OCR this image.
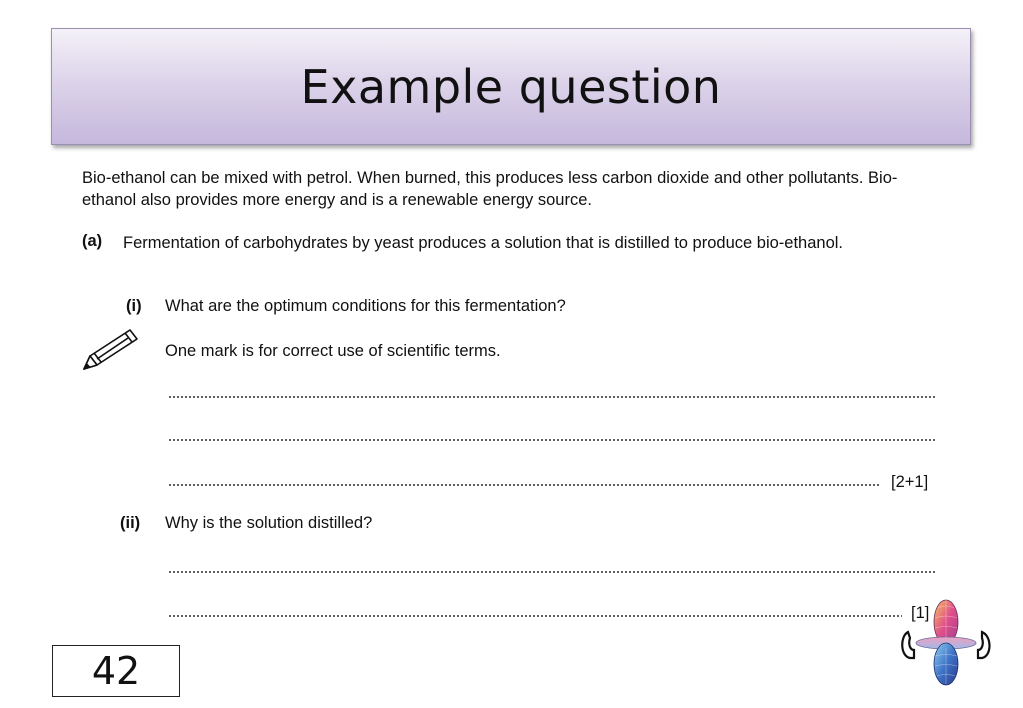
Example question

Bio-ethanol can be mixed with petrol. When burned, this produces less carbon dioxide and other pollutants. Bio-ethanol also provides more energy and is a renewable energy source.

(a) Fermentation of carbohydrates by yeast produces a solution that is distilled to produce bio-ethanol.

(i) What are the optimum conditions for this fermentation?
One mark is for correct use of scientific terms.
[2+1]
(ii) Why is the solution distilled?
[1]
42
